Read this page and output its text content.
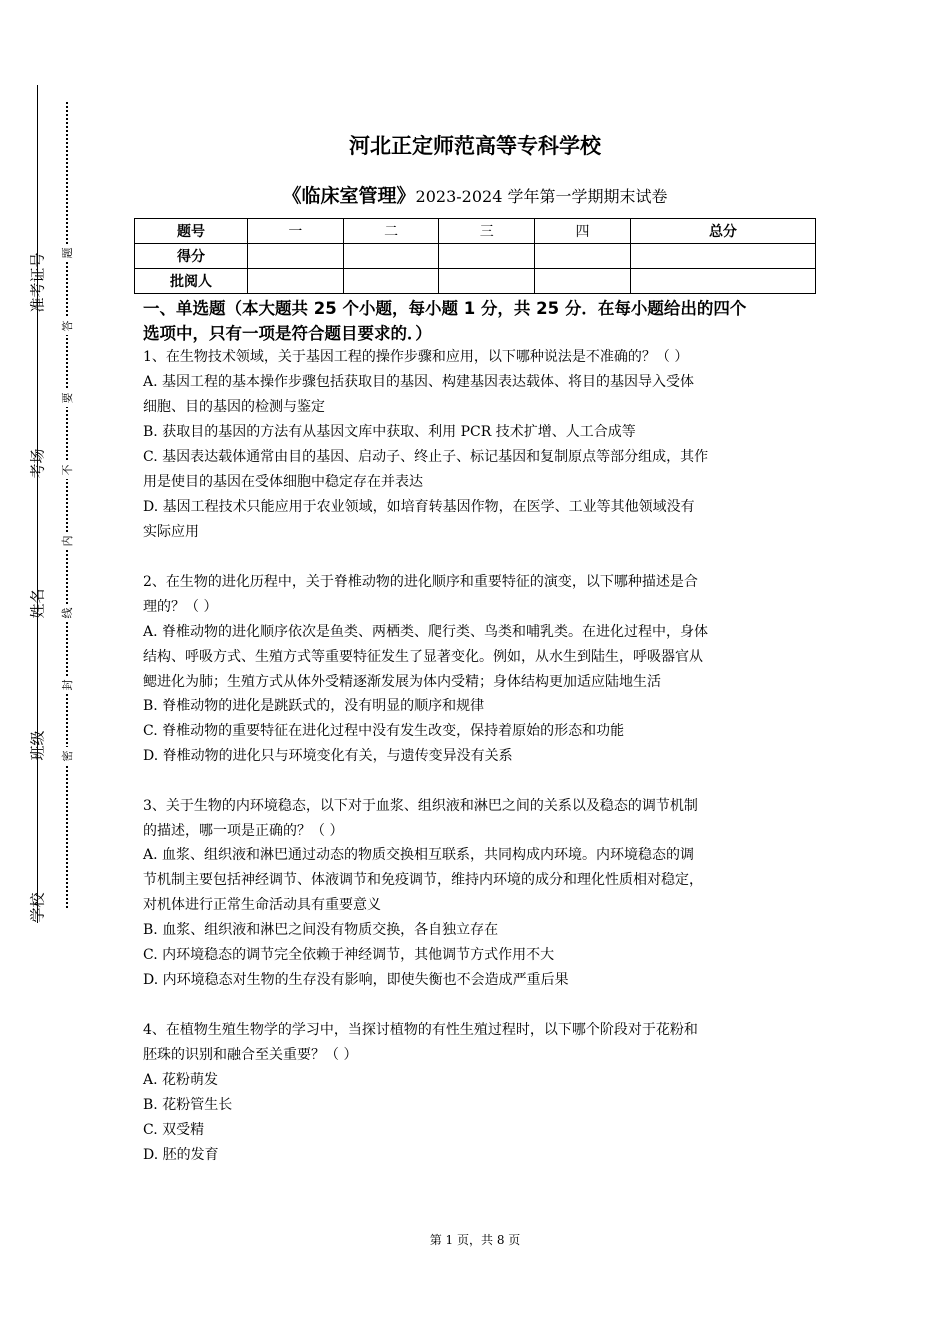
准考证号
考场
姓名
班级
学校
题
答
要
不
内
线
封
密
河北正定师范高等专科学校
《临床室管理》2023-2024 学年第一学期期末试卷
题号	一	二	三	四	总分
得分					
批阅人					
一、单选题（本大题共 25 个小题，每小题 1 分，共 25 分．在每小题给出的四个
选项中，只有一项是符合题目要求的．）
1、在生物技术领域，关于基因工程的操作步骤和应用，以下哪种说法是不准确的？（ ）
A. 基因工程的基本操作步骤包括获取目的基因、构建基因表达载体、将目的基因导入受体
细胞、目的基因的检测与鉴定
B. 获取目的基因的方法有从基因文库中获取、利用 PCR 技术扩增、人工合成等
C. 基因表达载体通常由目的基因、启动子、终止子、标记基因和复制原点等部分组成，其作
用是使目的基因在受体细胞中稳定存在并表达
D. 基因工程技术只能应用于农业领域，如培育转基因作物，在医学、工业等其他领域没有
实际应用
2、在生物的进化历程中，关于脊椎动物的进化顺序和重要特征的演变，以下哪种描述是合
理的？（ ）
A. 脊椎动物的进化顺序依次是鱼类、两栖类、爬行类、鸟类和哺乳类。在进化过程中，身体
结构、呼吸方式、生殖方式等重要特征发生了显著变化。例如，从水生到陆生，呼吸器官从
鳃进化为肺；生殖方式从体外受精逐渐发展为体内受精；身体结构更加适应陆地生活
B. 脊椎动物的进化是跳跃式的，没有明显的顺序和规律
C. 脊椎动物的重要特征在进化过程中没有发生改变，保持着原始的形态和功能
D. 脊椎动物的进化只与环境变化有关，与遗传变异没有关系
3、关于生物的内环境稳态，以下对于血浆、组织液和淋巴之间的关系以及稳态的调节机制
的描述，哪一项是正确的？（ ）
A. 血浆、组织液和淋巴通过动态的物质交换相互联系，共同构成内环境。内环境稳态的调
节机制主要包括神经调节、体液调节和免疫调节，维持内环境的成分和理化性质相对稳定，
对机体进行正常生命活动具有重要意义
B. 血浆、组织液和淋巴之间没有物质交换，各自独立存在
C. 内环境稳态的调节完全依赖于神经调节，其他调节方式作用不大
D. 内环境稳态对生物的生存没有影响，即使失衡也不会造成严重后果
4、在植物生殖生物学的学习中，当探讨植物的有性生殖过程时，以下哪个阶段对于花粉和
胚珠的识别和融合至关重要？（ ）
A. 花粉萌发
B. 花粉管生长
C. 双受精
D. 胚的发育
第 1 页，共 8 页
